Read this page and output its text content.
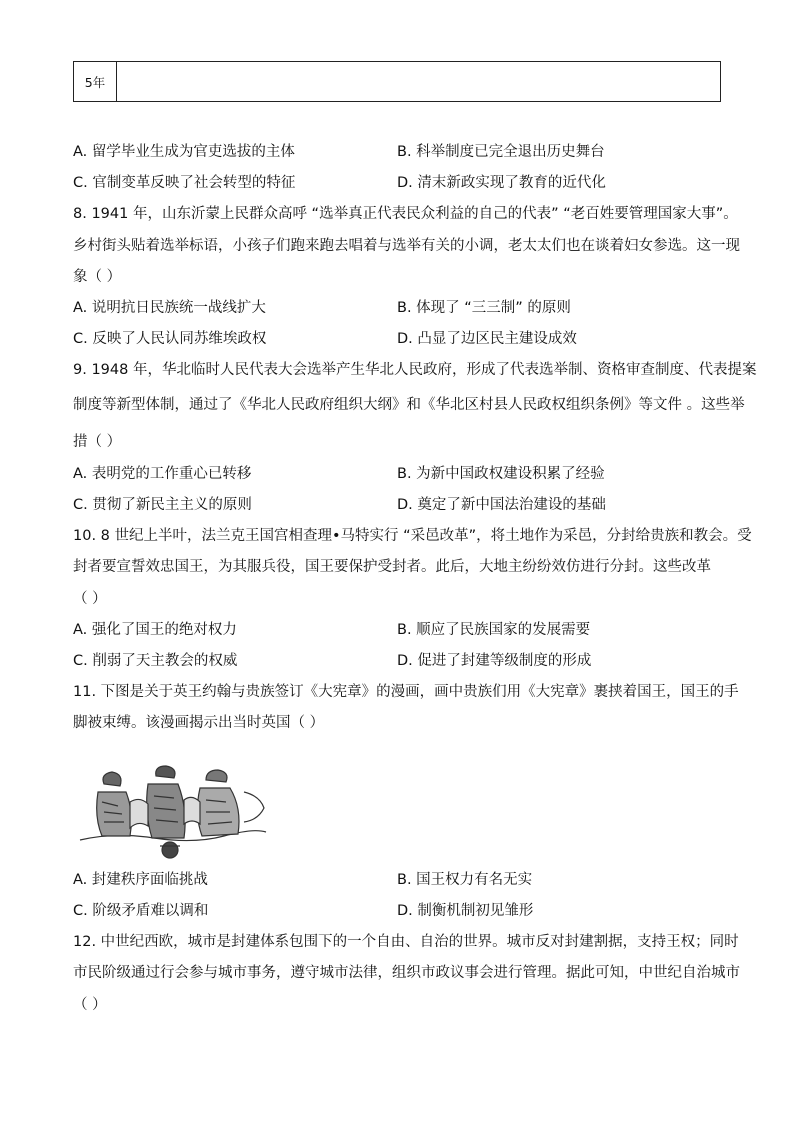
5年
A. 留学毕业生成为官吏选拔的主体	B. 科举制度已完全退出历史舞台
C. 官制变革反映了社会转型的特征	D. 清末新政实现了教育的近代化
8. 1941 年，山东沂蒙上民群众高呼 “选举真正代表民众利益的自己的代表” “老百姓要管理国家大事”。
乡村街头贴着选举标语，小孩子们跑来跑去唱着与选举有关的小调，老太太们也在谈着妇女参选。这一现
象（ ）
A. 说明抗日民族统一战线扩大	B. 体现了 “三三制” 的原则
C. 反映了人民认同苏维埃政权	D. 凸显了边区民主建设成效
9. 1948 年，华北临时人民代表大会选举产生华北人民政府，形成了代表选举制、资格审查制度、代表提案
制度等新型体制，通过了《华北人民政府组织大纲》和《华北区村县人民政权组织条例》等文件 。这些举
措（ ）
A. 表明党的工作重心已转移	B. 为新中国政权建设积累了经验
C. 贯彻了新民主主义的原则	D. 奠定了新中国法治建设的基础
10. 8 世纪上半叶，法兰克王国宫相查理•马特实行 “采邑改革”，将土地作为采邑，分封给贵族和教会。受
封者要宣誓效忠国王，为其服兵役，国王要保护受封者。此后，大地主纷纷效仿进行分封。这些改革
（ ）
A. 强化了国王的绝对权力	B. 顺应了民族国家的发展需要
C. 削弱了天主教会的权威	D. 促进了封建等级制度的形成
11. 下图是关于英王约翰与贵族签订《大宪章》的漫画，画中贵族们用《大宪章》裹挟着国王，国王的手
脚被束缚。该漫画揭示出当时英国（ ）
A. 封建秩序面临挑战	B. 国王权力有名无实
C. 阶级矛盾难以调和	D. 制衡机制初见雏形
12. 中世纪西欧，城市是封建体系包围下的一个自由、自治的世界。城市反对封建割据，支持王权；同时
市民阶级通过行会参与城市事务，遵守城市法律，组织市政议事会进行管理。据此可知，中世纪自治城市
（ ）
